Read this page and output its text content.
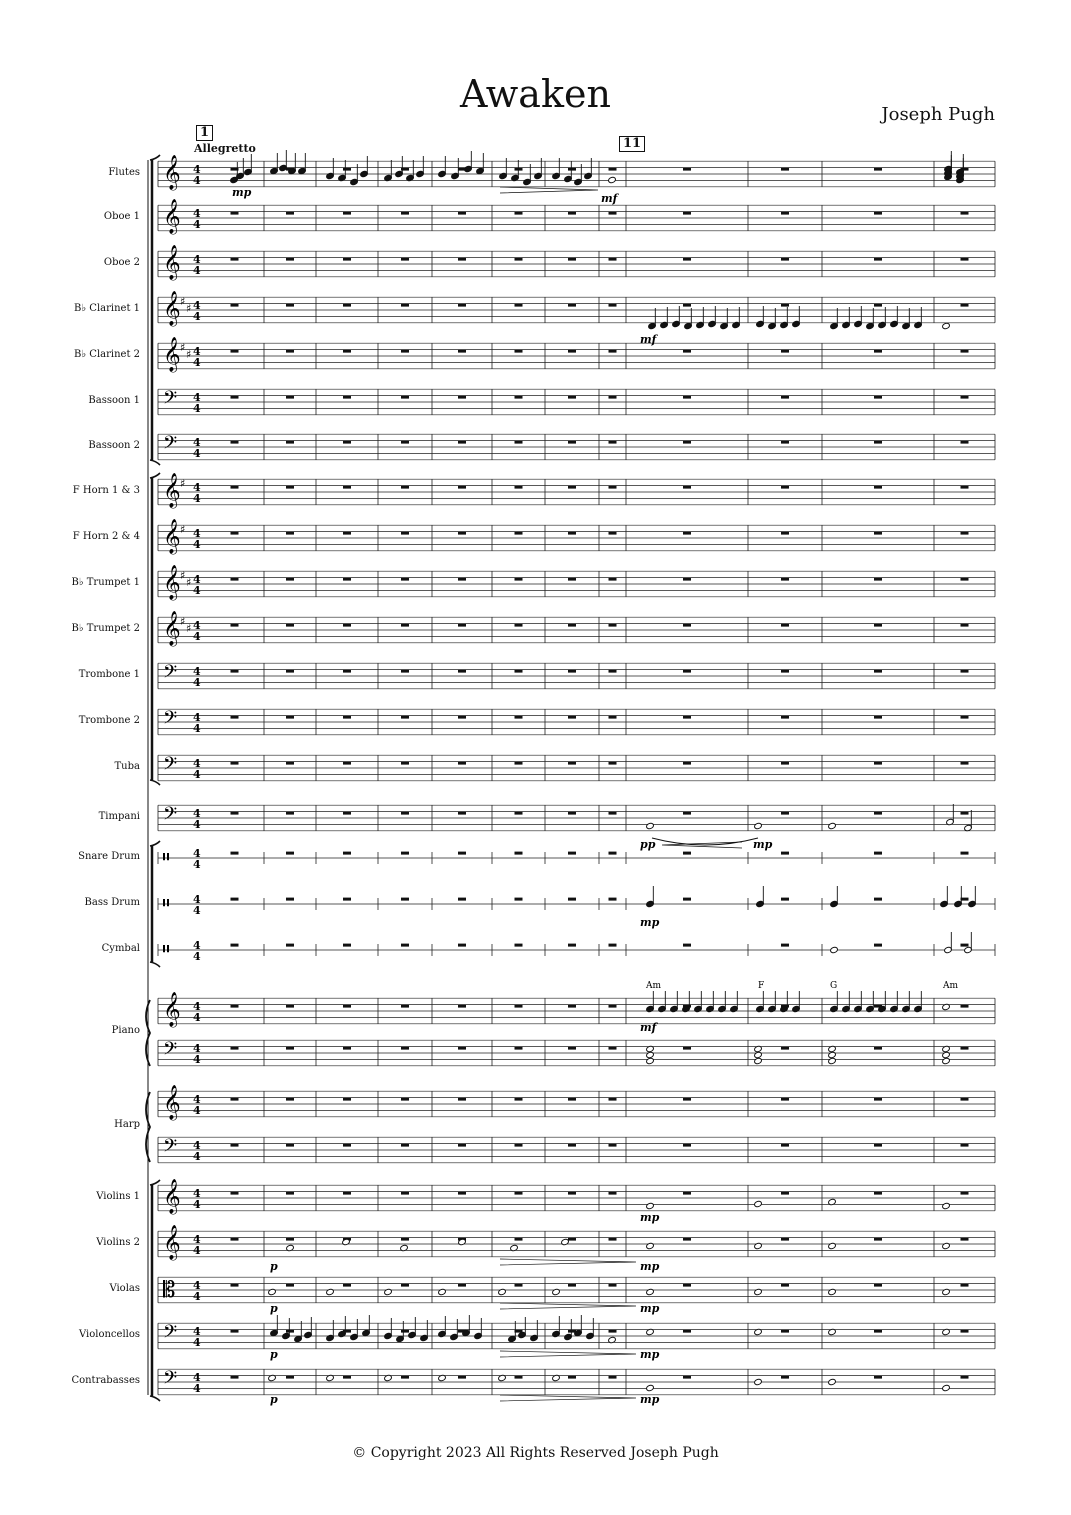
Awaken	Joseph Pugh
1
Allegretto	11
Flutes
Oboe 1
Oboe 2
B♭ Clarinet 1
B♭ Clarinet 2
Bassoon 1
Bassoon 2
F Horn 1 & 3
F Horn 2 & 4
B♭ Trumpet 1
B♭ Trumpet 2
Trombone 1
Trombone 2
Tuba
Timpani
Snare Drum
Bass Drum
Cymbal
Piano
Harp
Violins 1
Violins 2
Violas
Violoncellos
Contrabasses
𝄞 4
4
𝄞 4
4
𝄞 4
4
𝄞 ♯
♯ 4
4
𝄞 ♯
♯ 4
4
𝄢 4
4
𝄢 4
4
𝄞 ♯ 4
4
𝄞 ♯ 4
4
𝄞 ♯
♯ 4
4
𝄞 ♯
♯ 4
4
𝄢 4
4
𝄢 4
4
𝄢 4
4
𝄢 4
4
𝄥 4
4
𝄥 4
4
𝄥 4
4
𝄞 4
4
𝄢 4
4
𝄞 4
4
𝄢 4
4
𝄞 4
4
𝄞 4
4
𝄡 4
4
𝄢 4
4
𝄢 4
4
mp	mf
mf
pp	mp
mp
mf
Am	F	G	Am
mp
p	mp
p	mp
p	mp
p	mp
© Copyright 2023 All Rights Reserved Joseph Pugh
